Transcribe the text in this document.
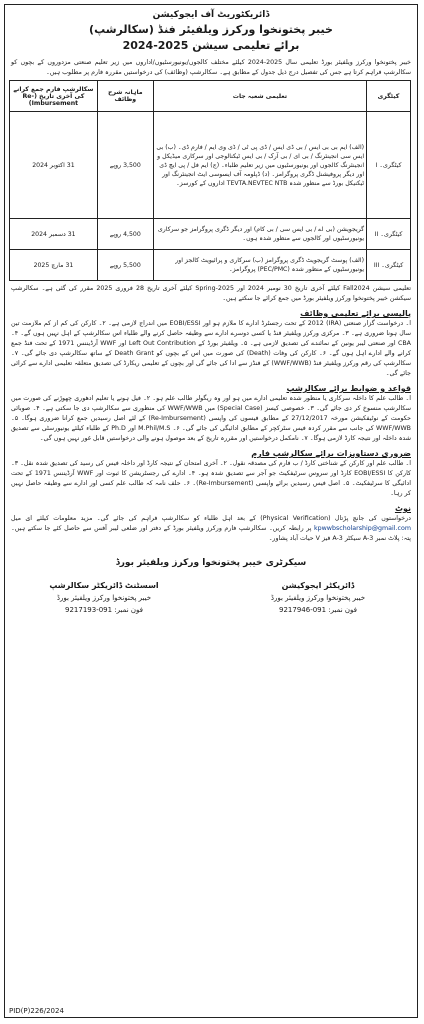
ڈائریکٹوریٹ آف ایجوکیشن
خیبر پختونخوا ورکرز ویلفیئر فنڈ (سکالرشپ)
برائے تعلیمی سیشن 2025-2024
خیبر پختونخوا ورکرز ویلفیئر بورڈ تعلیمی سال 2025-2024 کیلئے مختلف کالجوں/یونیورسٹیوں/اداروں میں زیر تعلیم صنعتی مزدوروں کے بچوں کو سکالرشپ فراہم کرتا ہے جس کی تفصیل درج ذیل جدول کے مطابق ہے۔ سکالرشپ (وظائف) کی درخواستیں مقررہ فارم پر مطلوب ہیں۔
کیٹگری	تعلیمی شعبہ جات	ماہانہ شرح وظائف	سکالرشپ فارم جمع کرانے کی آخری تاریخ (Re-Imbursement)
کیٹگری۔ I	(الف) ایم بی بی ایس / بی ڈی ایس / ڈی پی ٹی / ڈی وی ایم / فارم ڈی۔ (ب) بی ایس سی انجینئرنگ / بی ای / بی آرک / بی ایس ٹیکنالوجی اور سرکاری میڈیکل و انجینئرنگ کالجوں اور یونیورسٹیوں میں زیر تعلیم طلباء۔ (ج) ایم فل / پی ایچ ڈی اور دیگر پروفیشنل ڈگری پروگرامز۔ (د) ڈپلومہ آف ایسوسی ایٹ انجینئرنگ اور ٹیکنیکل بورڈ سے منظور شدہ TEVTA.NEVTEC NTB اداروں کے کورسز۔	3,500 روپے	31 اکتوبر 2024
کیٹگری۔ II	گریجویشن (بی اے / بی ایس سی / بی کام) اور دیگر ڈگری پروگرامز جو سرکاری یونیورسٹیوں اور کالجوں سے منظور شدہ ہوں۔	4,500 روپے	31 دسمبر 2024
کیٹگری۔ III	(الف) پوسٹ گریجویٹ ڈگری پروگرامز (ب) سرکاری و پرائیویٹ کالجز اور یونیورسٹیوں کے منظور شدہ (PEC/PMC) پروگرامز۔	5,500 روپے	31 مارچ 2025
تعلیمی سیشن Fall2024 کیلئے آخری تاریخ 30 نومبر 2024 اور Spring-2025 کیلئے آخری تاریخ 28 فروری 2025 مقرر کی گئی ہے۔ سکالرشپ سیکشن خیبر پختونخوا ورکرز ویلفیئر بورڈ میں جمع کرائے جا سکتے ہیں۔
پالیسی برائے تعلیمی وظائف
ا۔ درخواست گزار صنعتی (IRA) 2012 کے تحت رجسٹرڈ ادارے کا ملازم ہو اور EOBI/ESSI میں اندراج لازمی ہے۔ ۲۔ کارکن کی کم از کم ملازمت تین سال ہونا ضروری ہے۔ ۳۔ مرکزی ورکرز ویلفیئر فنڈ یا کسی دوسرے ادارے سے وظیفہ حاصل کرنے والے طلباء اس سکالرشپ کے اہل نہیں ہوں گے۔ ۴۔ CBA اور صنعتی لیبر یونین کے نمائندے کی تصدیق لازمی ہے۔ ۵۔ ویلفیئر بورڈ کے Left Out Contribution اور WWF آرڈیننس 1971 کے تحت فنڈ جمع کرانے والے ادارے اہل ہوں گے۔ ۶۔ کارکن کی وفات (Death) کی صورت میں اس کے بچوں کو Death Grant کے ساتھ سکالرشپ دی جائے گی۔ ۷۔ سکالرشپ کی رقم ورکرز ویلفیئر فنڈ (WWF/WWB) کے فنڈز سے ادا کی جائے گی اور بچوں کے تعلیمی ریکارڈ کی تصدیق متعلقہ تعلیمی ادارے سے کرائی جائے گی۔
قواعد و ضوابط برائے سکالرشپ
ا۔ طالب علم کا داخلہ سرکاری یا منظور شدہ تعلیمی ادارے میں ہو اور وہ ریگولر طالب علم ہو۔ ۲۔ فیل ہونے یا تعلیم ادھوری چھوڑنے کی صورت میں سکالرشپ منسوخ کر دی جائے گی۔ ۳۔ خصوصی کیسز (Special Case) میں WWF/WWB کی منظوری سے سکالرشپ دی جا سکتی ہے۔ ۴۔ صوبائی حکومت کے نوٹیفکیشن مورخہ 27/12/2017 کے مطابق فیسوں کی واپسی (Re-Imbursement) کے لئے اصل رسیدیں جمع کرانا ضروری ہوگا۔ ۵۔ WWF/WWB کی جانب سے مقرر کردہ فیس سٹرکچر کے مطابق ادائیگی کی جائے گی۔ ۶۔ M.Phil/M.S اور Ph.D کے طلباء کیلئے یونیورسٹی سے تصدیق شدہ داخلہ اور نتیجہ کارڈ لازمی ہوگا۔ ۷۔ نامکمل درخواستیں اور مقررہ تاریخ کے بعد موصول ہونے والی درخواستیں قابل غور نہیں ہوں گی۔
ضروری دستاویزات برائے سکالرشپ فارم
ا۔ طالب علم اور کارکن کے شناختی کارڈ / ب فارم کی مصدقہ نقول۔ ۲۔ آخری امتحان کے نتیجہ کارڈ اور داخلہ فیس کی رسید کی تصدیق شدہ نقل۔ ۳۔ کارکن کا EOBI/ESSI کارڈ اور سروس سرٹیفکیٹ جو آجر سے تصدیق شدہ ہو۔ ۴۔ ادارے کی رجسٹریشن کا ثبوت اور WWF آرڈیننس 1971 کے تحت ادائیگی کا سرٹیفکیٹ۔ ۵۔ اصل فیس رسیدیں برائے واپسی (Re-Imbursement)۔ ۶۔ حلف نامہ کہ طالب علم کسی اور ادارے سے وظیفہ حاصل نہیں کر رہا۔
نوٹ
درخواستوں کی جانچ پڑتال (Physical Verification) کے بعد اہل طلباء کو سکالرشپ فراہم کی جائے گی۔ مزید معلومات کیلئے ای میل kpwwbscholarship@gmail.com پر رابطہ کریں۔ سکالرشپ فارم ورکرز ویلفیئر بورڈ کے دفتر اور ضلعی لیبر آفس سے حاصل کئے جا سکتے ہیں۔ پتہ: پلاٹ نمبر A-3 سیکٹر A-3 فیز V حیات آباد پشاور۔
سیکرٹری خیبر پختونخوا ورکرز ویلفیئر بورڈ
ڈائریکٹر ایجوکیشن
خیبر پختونخوا ورکرز ویلفیئر بورڈ
فون نمبر: 091-9217946
اسسٹنٹ ڈائریکٹر سکالرشپ
خیبر پختونخوا ورکرز ویلفیئر بورڈ
فون نمبر: 091-9217193
PID(P)226/2024
